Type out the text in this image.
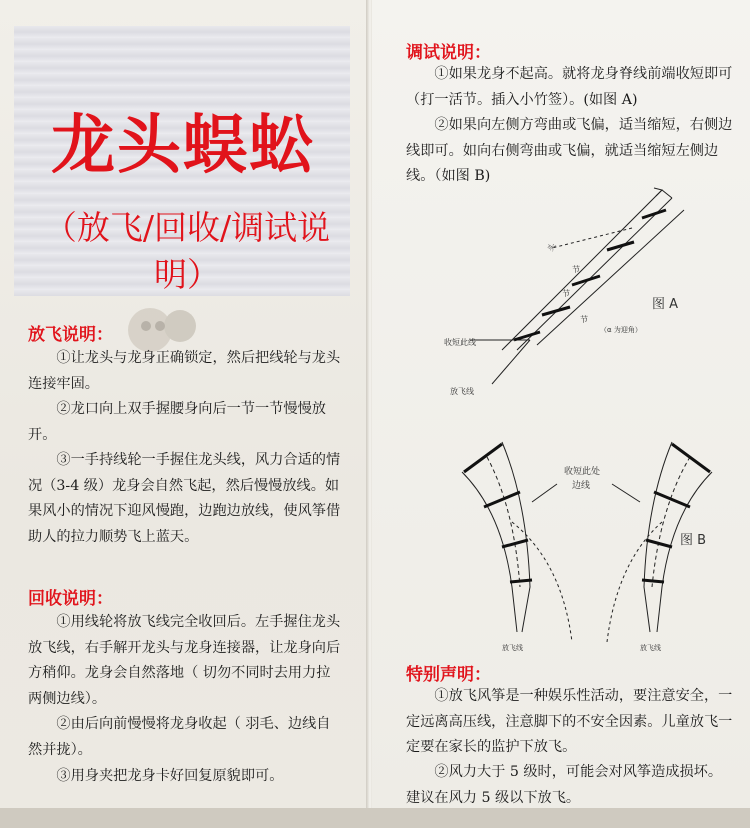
龙头蜈蚣
（放飞/回收/调试说明）
放飞说明：
①让龙头与龙身正确锁定，然后把线轮与龙头连接牢固。
②龙口向上双手握腰身向后一节一节慢慢放开。
③一手持线轮一手握住龙头线，风力合适的情况（3-4 级）龙身会自然飞起，然后慢慢放线。如果风小的情况下迎风慢跑，边跑边放线，使风筝借助人的拉力顺势飞上蓝天。
回收说明：
①用线轮将放飞线完全收回后。左手握住龙头放飞线，右手解开龙头与龙身连接器，让龙身向后方稍仰。龙身会自然落地（ 切勿不同时去用力拉两侧边线）。
②由后向前慢慢将龙身收起（ 羽毛、边线自然并拢）。
③用身夹把龙身卡好回复原貌即可。
调试说明：
①如果龙身不起高。就将龙身脊线前端收短即可（打一活节。插入小竹签）。(如图 A)
②如果向左侧方弯曲或飞偏，适当缩短，右侧边线即可。如向右侧弯曲或飞偏，就适当缩短左侧边线。（如图 B)
头
节
节
节
图 A
（α 为迎角）
收短此线
放飞线
收短此处
边线
图 B
放飞线	放飞线
特别声明：
①放飞风筝是一种娱乐性活动，要注意安全，一定远离高压线，注意脚下的不安全因素。儿童放飞一定要在家长的监护下放飞。
②风力大于 5 级时，可能会对风筝造成损坏。建议在风力 5 级以下放飞。
